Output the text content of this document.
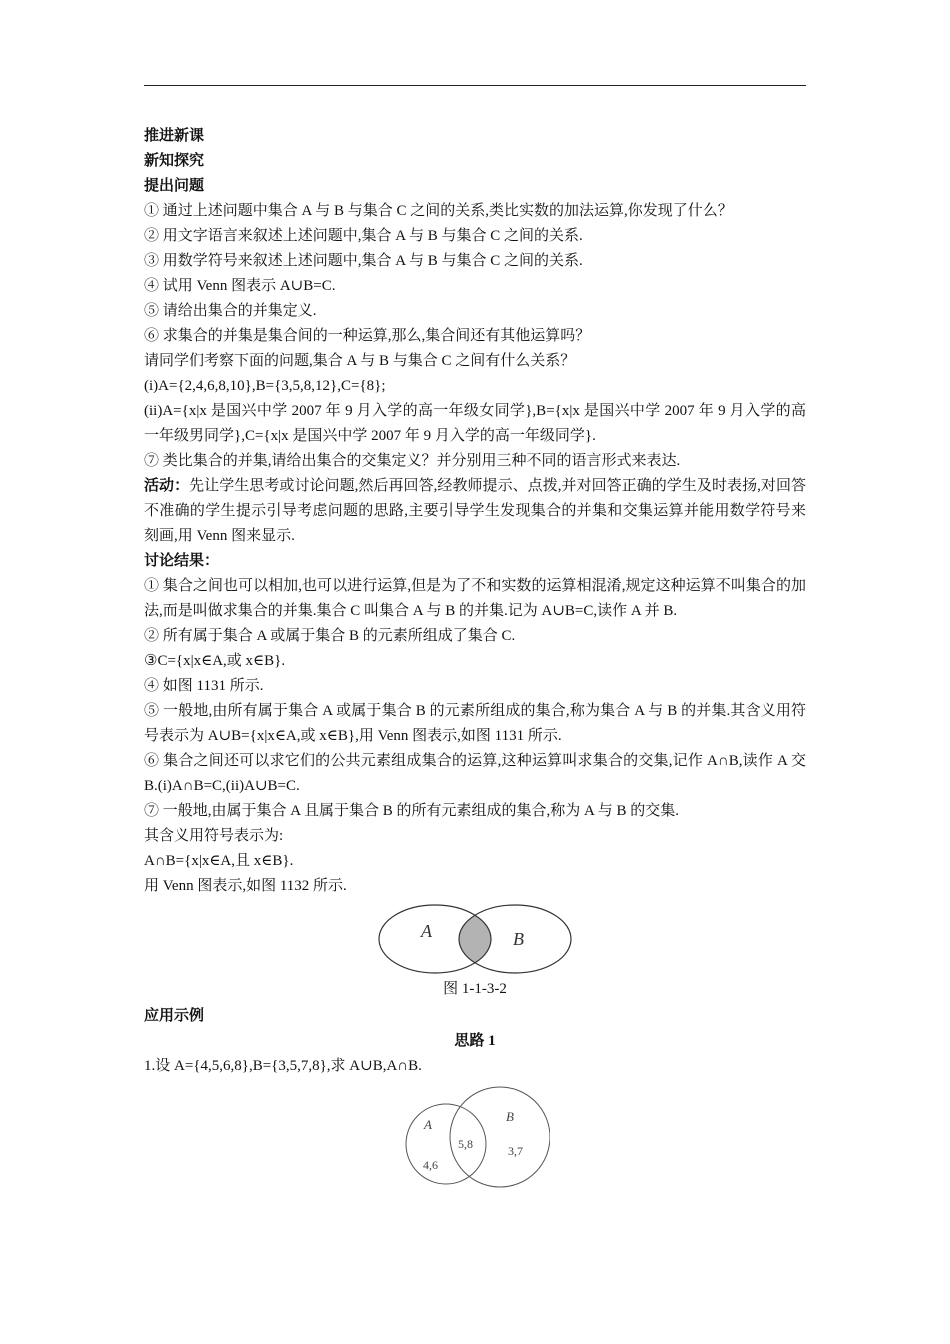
推进新课

新知探究

提出问题

① 通过上述问题中集合 A 与 B 与集合 C 之间的关系,类比实数的加法运算,你发现了什么？

② 用文字语言来叙述上述问题中,集合 A 与 B 与集合 C 之间的关系.

③ 用数学符号来叙述上述问题中,集合 A 与 B 与集合 C 之间的关系.

④ 试用 Venn 图表示 A∪B=C.

⑤ 请给出集合的并集定义.

⑥ 求集合的并集是集合间的一种运算,那么,集合间还有其他运算吗？

请同学们考察下面的问题,集合 A 与 B 与集合 C 之间有什么关系？

(i)A={2,4,6,8,10},B={3,5,8,12},C={8};

(ii)A={x|x 是国兴中学 2007 年 9 月入学的高一年级女同学},B={x|x 是国兴中学 2007 年 9 月入学的高一年级男同学},C={x|x 是国兴中学 2007 年 9 月入学的高一年级同学}.

⑦ 类比集合的并集,请给出集合的交集定义？并分别用三种不同的语言形式来表达.

活动：先让学生思考或讨论问题,然后再回答,经教师提示、点拨,并对回答正确的学生及时表扬,对回答不准确的学生提示引导考虑问题的思路,主要引导学生发现集合的并集和交集运算并能用数学符号来刻画,用 Venn 图来显示.

讨论结果：

① 集合之间也可以相加,也可以进行运算,但是为了不和实数的运算相混淆,规定这种运算不叫集合的加法,而是叫做求集合的并集.集合 C 叫集合 A 与 B 的并集.记为 A∪B=C,读作 A 并 B.

② 所有属于集合 A 或属于集合 B 的元素所组成了集合 C.

③C={x|x∈A,或 x∈B}.

④ 如图 1131 所示.

⑤ 一般地,由所有属于集合 A 或属于集合 B 的元素所组成的集合,称为集合 A 与 B 的并集.其含义用符号表示为 A∪B={x|x∈A,或 x∈B},用 Venn 图表示,如图 1131 所示.

⑥ 集合之间还可以求它们的公共元素组成集合的运算,这种运算叫求集合的交集,记作 A∩B,读作 A 交 B.(i)A∩B=C,(ii)A∪B=C.

⑦ 一般地,由属于集合 A 且属于集合 B 的所有元素组成的集合,称为 A 与 B 的交集.

其含义用符号表示为:

A∩B={x|x∈A,且 x∈B}.

用 Venn 图表示,如图 1132 所示.

A	B

图 1-1-3-2

应用示例

思路 1

1.设 A={4,5,6,8},B={3,5,7,8},求 A∪B,A∩B.

A
B
4,6
5,8	3,7
